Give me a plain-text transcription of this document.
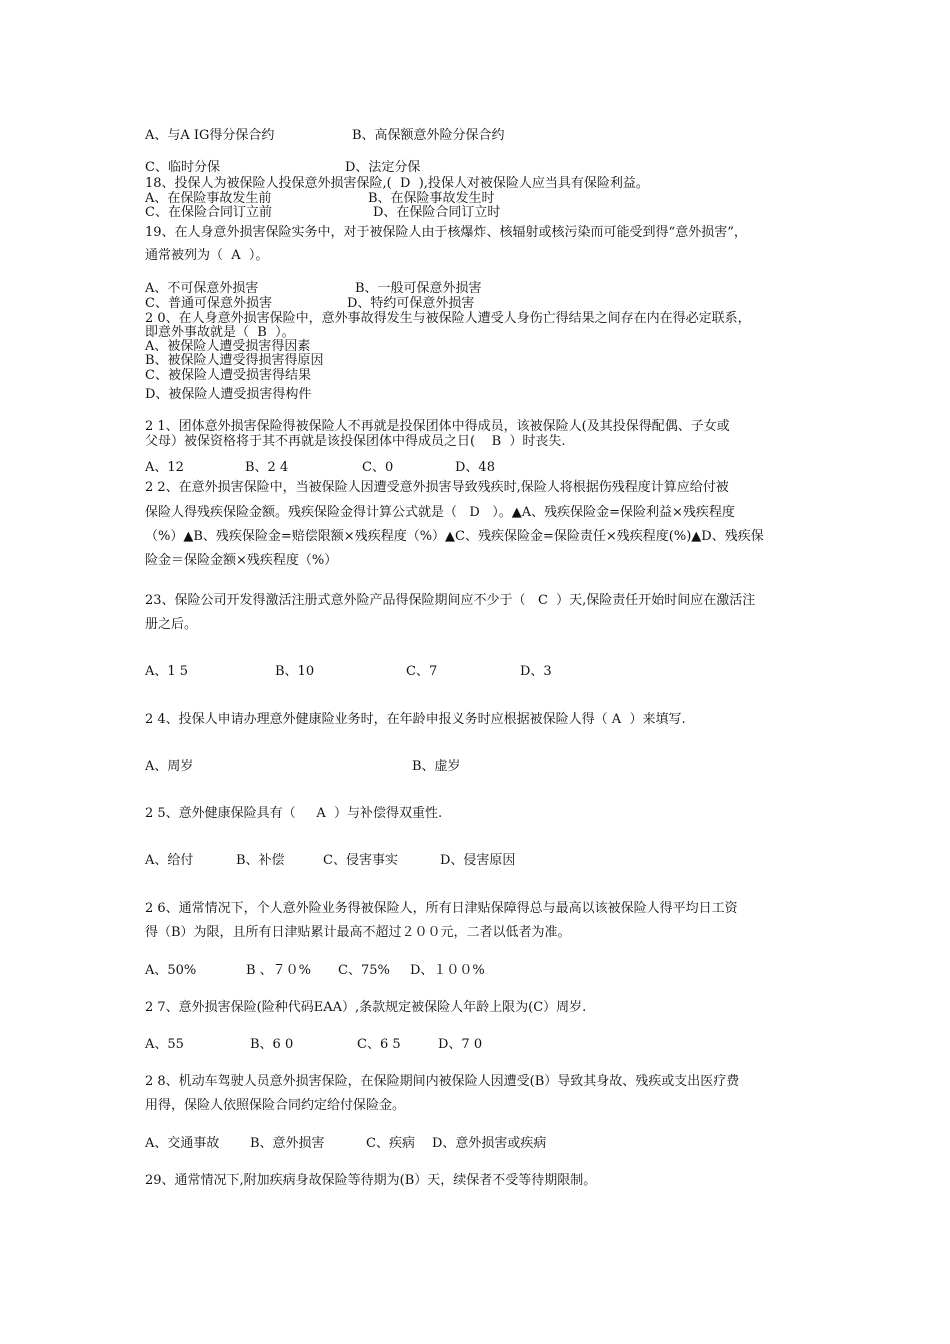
A、与A IG得分保合约	B、高保额意外险分保合约
C、临时分保	D、法定分保
18、投保人为被保险人投保意外损害保险,(  D  ),投保人对被保险人应当具有保险利益。
A、在保险事故发生前	B、在保险事故发生时
C、在保险合同订立前	D、在保险合同订立时
19、在人身意外损害保险实务中，对于被保险人由于核爆炸、核辐射或核污染而可能受到得“意外损害”，
通常被列为（  A  ）。
A、不可保意外损害	B、一般可保意外损害
C、普通可保意外损害	D、特约可保意外损害
2 0、在人身意外损害保险中，意外事故得发生与被保险人遭受人身伤亡得结果之间存在内在得必定联系，
即意外事故就是（  B  ）。
A、被保险人遭受损害得因素
B、被保险人遭受得损害得原因
C、被保险人遭受损害得结果
D、被保险人遭受损害得构件
2 1、团体意外损害保险得被保险人不再就是投保团体中得成员，该被保险人(及其投保得配偶、子女或
父母）被保资格将于其不再就是该投保团体中得成员之日(    B  ）时丧失.
A、12	B、2 4	C、0	D、48
2 2、在意外损害保险中，当被保险人因遭受意外损害导致残疾时,保险人将根据伤残程度计算应给付被
保险人得残疾保险金额。残疾保险金得计算公式就是（   D   ）。▲A、残疾保险金=保险利益×残疾程度
（%）▲B、残疾保险金=赔偿限额×残疾程度（%）▲C、残疾保险金=保险责任×残疾程度(%)▲D、残疾保
险金＝保险金额×残疾程度（%）
23、保险公司开发得激活注册式意外险产品得保险期间应不少于（   C  ）天,保险责任开始时间应在激活注
册之后。
A、1 5	B、10	C、7	D、3
2 4、投保人申请办理意外健康险业务时，在年龄申报义务时应根据被保险人得（ A  ）来填写.
A、周岁	B、虚岁
2 5、意外健康保险具有（     A  ）与补偿得双重性.
A、给付	B、补偿	C、侵害事实	D、侵害原因
2 6、通常情况下，个人意外险业务得被保险人，所有日津贴保障得总与最高以该被保险人得平均日工资
得（B）为限，且所有日津贴累计最高不超过２００元，二者以低者为准。
A、50%	B 、７０% C、75% D、１００%
2 7、意外损害保险(险种代码EAA）,条款规定被保险人年龄上限为(C）周岁.
A、55	B、6 0	C、6 5	D、7 0
2 8、机动车驾驶人员意外损害保险，在保险期间内被保险人因遭受(B）导致其身故、残疾或支出医疗费
用得，保险人依照保险合同约定给付保险金。
A、交通事故 B、意外损害	C、疾病 D、意外损害或疾病
29、通常情况下,附加疾病身故保险等待期为(B）天，续保者不受等待期限制。
